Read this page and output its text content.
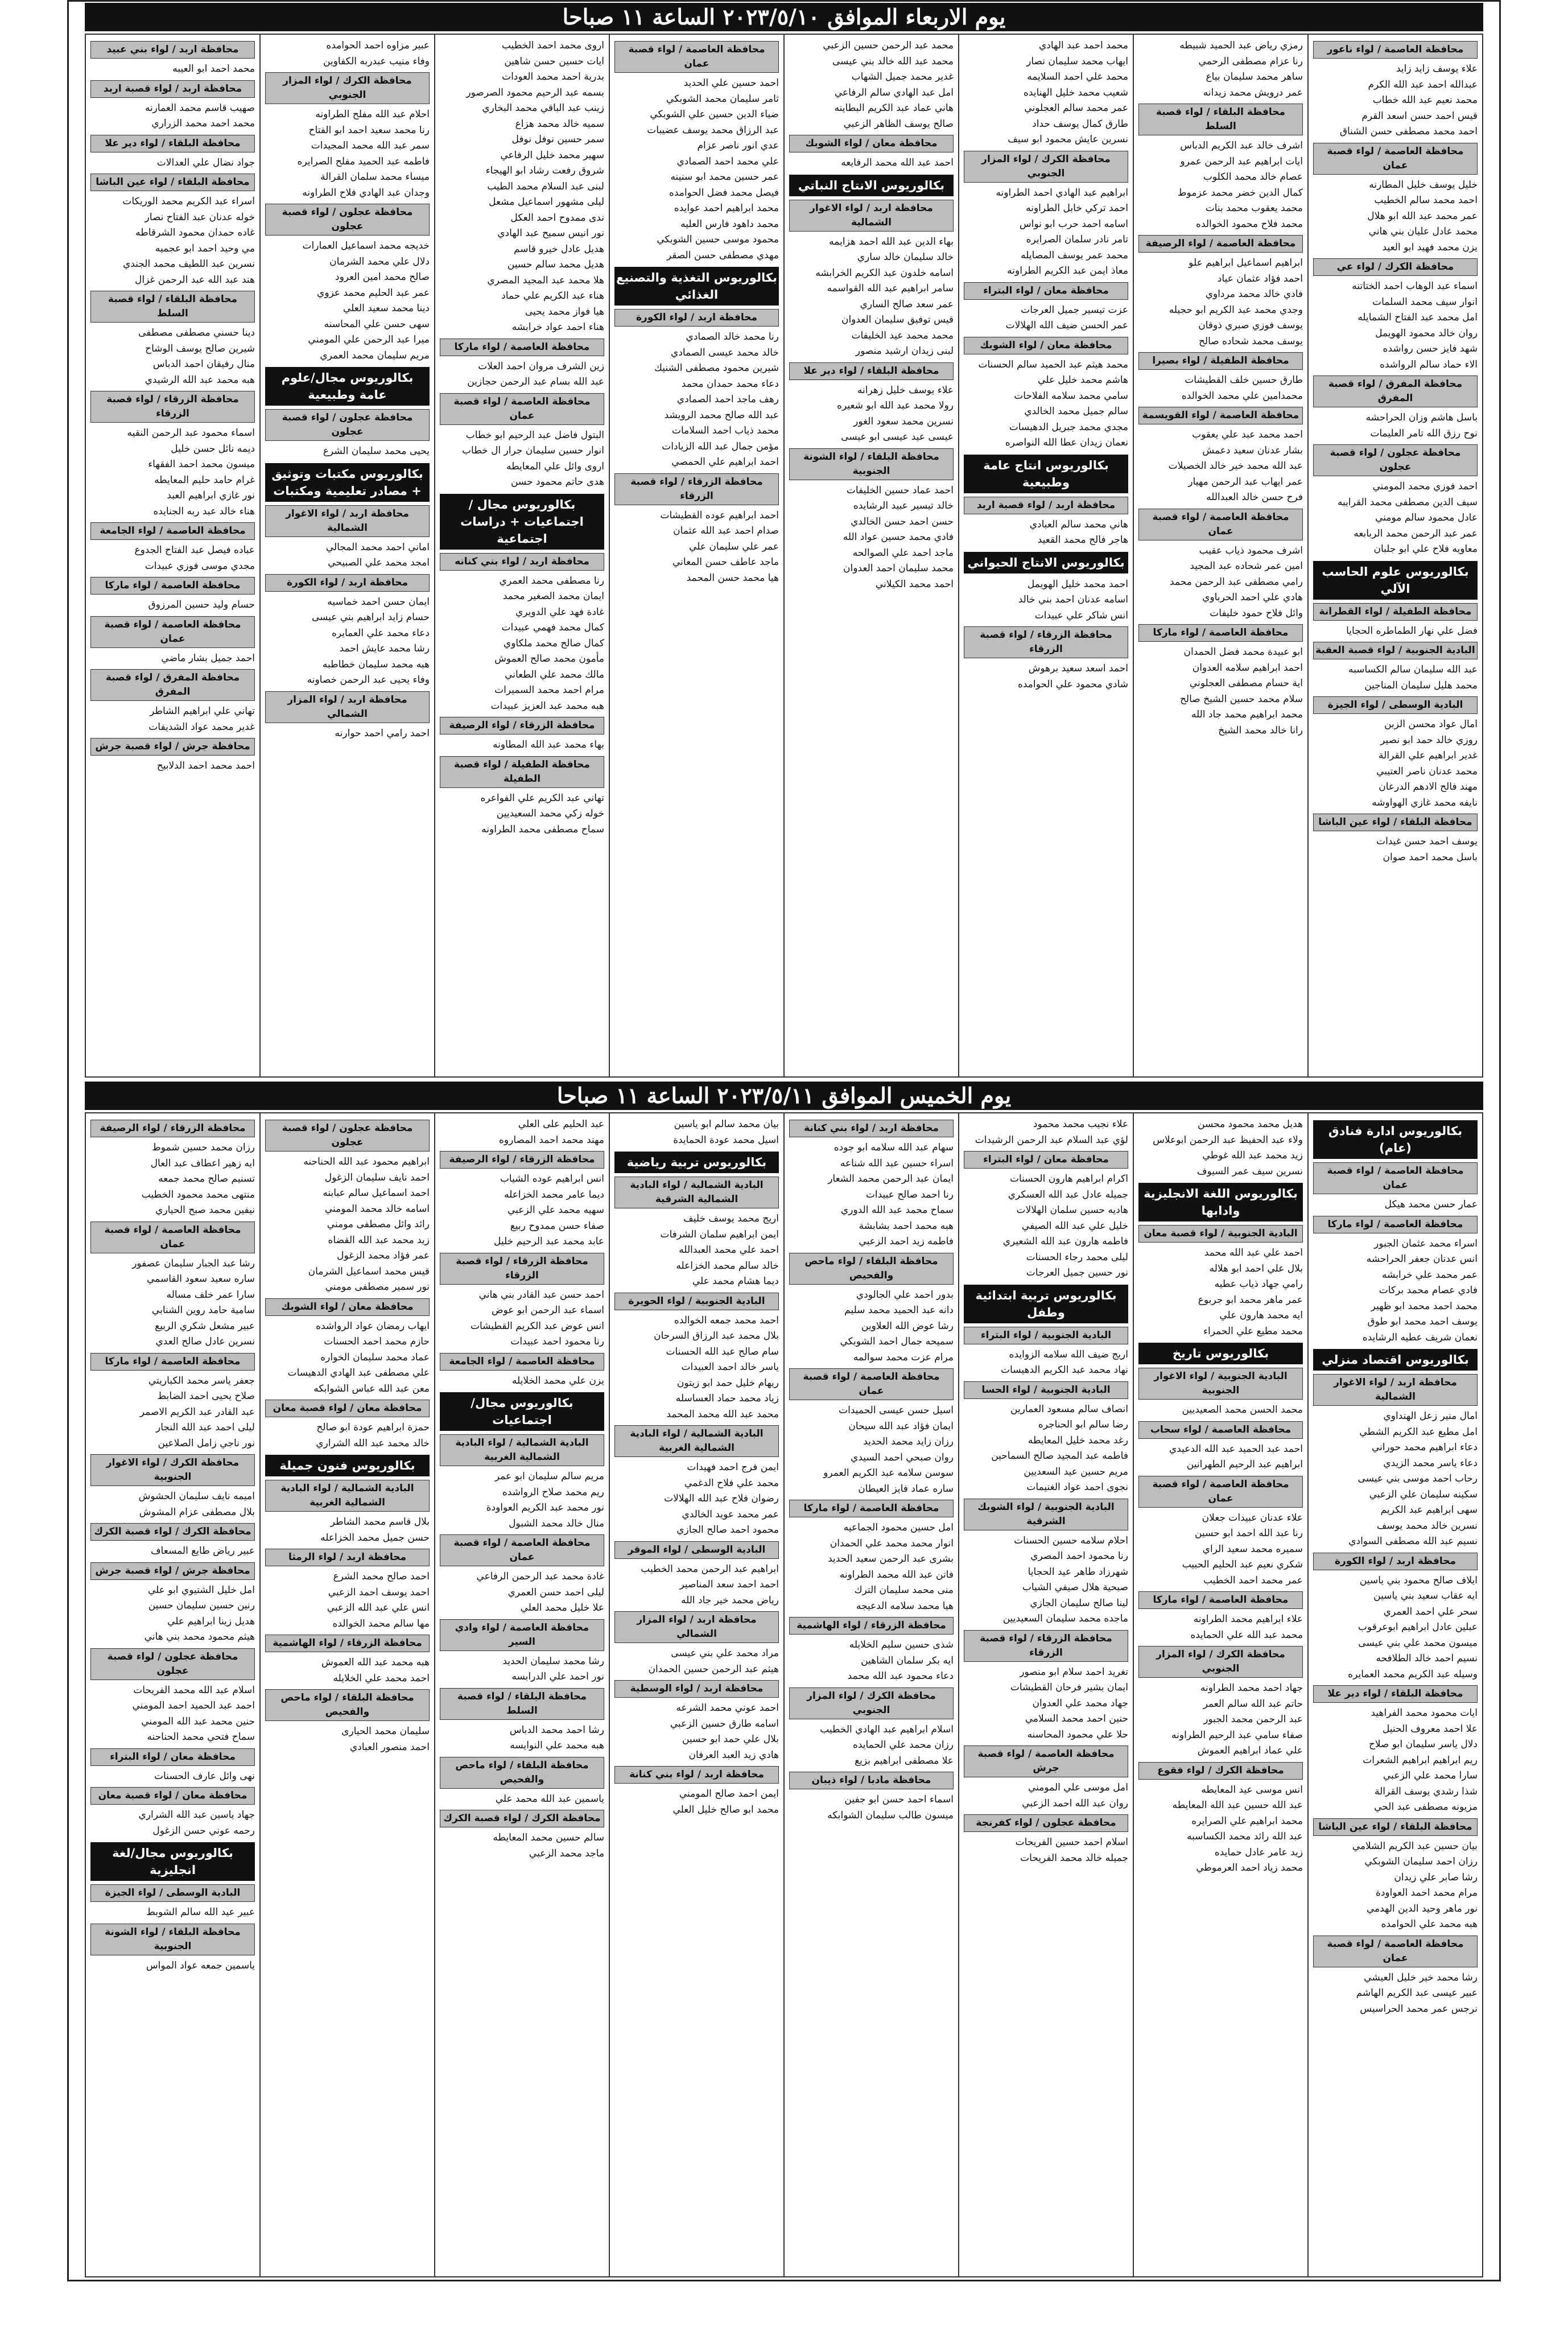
يوم الاربعاء الموافق ٢٠٢٣/٥/١٠ الساعة ١١ صباحا
محافظة العاصمة / لواء ناعور
علاء يوسف زايد زايد
عبدالله احمد عبد الله الكرم
محمد نعيم عبد الله خطاب
قيس احمد حسن اسعد القرم
احمد محمد مصطفى حسن الشناق
محافظة العاصمة / لواء قصبة عمان
خليل يوسف خليل المطارنه
احمد محمد سالم الخطيب
عمر محمد عبد الله ابو هلال
محمد عادل عليان بني هاني
يزن محمد فهيد ابو العيد
محافظة الكرك / لواء عي
اسماء عبد الوهاب احمد الختاتنه
انوار سيف محمد السلمات
امل محمد عبد الفتاح الشمايله
روان خالد محمود الهويمل
شهد فايز حسن رواشده
الاء حماد سالم الرواشده
محافظة المفرق / لواء قصبة المفرق
باسل هاشم وزان الحراحشه
نوح رزق الله تامر العليمات
محافظة عجلون / لواء قصبة عجلون
احمد فوزي محمد المومني
سيف الدين مصطفى محمد القرايبه
عادل محمود سالم مومني
عمر عبد الرحمن محمد الربابعه
معاويه فلاح علي ابو جلبان
بكالوريوس علوم الحاسب الآلي
محافظة الطفيلة / لواء القطرانة
فضل علي نهار الطماطره الحجايا
البادية الجنوبية / لواء قصبة العقبة
عبد الله سليمان سالم الكساسبه
محمد هليل سليمان المناجين
البادية الوسطى / لواء الجيزة
امال عواد محسن الزبن
روزي خالد حمد ابو نصير
غدير ابراهيم علي القرالة
محمد عدنان ناصر العتيبي
مهند فالح الادهم الدرعان
نايفه محمد غازي الهواوشه
محافظة البلقاء / لواء عين الباشا
يوسف احمد حسن غيدات
باسل محمد احمد صوان
رمزي رياض عبد الحميد شبيطه
رنا عزام مصطفى الرحمي
ساهر محمد سليمان بياع
عمر درويش محمد زيدانه
محافظة البلقاء / لواء قصبة السلط
اشرف خالد عبد الكريم الدباس
ايات ابراهيم عبد الرحمن عمرو
عصام خالد محمد الكلوب
كمال الدين خضر محمد عزموط
محمد يعقوب محمد بنات
محمد فلاح محمود الخوالده
محافظة العاصمة / لواء الرصيفة
ابراهيم اسماعيل ابراهيم علو
احمد فؤاد عثمان عياد
فادي خالد محمد مرداوي
وجدي محمد عبد الكريم ابو حجيله
يوسف فوزي صبري ذوقان
يوسف محمد شحاده صالح
محافظة الطفيلة / لواء بصيرا
طارق حسين خلف القطيشات
محمدامين علي محمد الخوالده
محافظة العاصمة / لواء القويسمة
احمد محمد عبد علي يعقوب
بشار عدنان سعيد دعمش
عبد الله محمد خير خالد الخصيلات
عمر ايهاب عبد الرحمن مهيار
فرح حسن خالد العبدالله
محافظة العاصمة / لواء قصبة عمان
اشرف محمود ذياب عقيب
امين عمر شحاده عبد المجيد
رامي مصطفى عبد الرحمن محمد
هادي علي احمد الحرباوي
وائل فلاح حمود خليفات
محافظة العاصمة / لواء ماركا
ابو عبيدة محمد فضل الحمدان
احمد ابراهيم سلامه العدوان
اية حسام مصطفى العجلوني
سلام محمد حسين الشيخ صالح
محمد ابراهيم محمد جاد الله
رانا خالد محمد الشيخ
محمد احمد عبد الهادي
ايهاب محمد سليمان نصار
محمد علي احمد السلايمه
شعيب محمد خليل الهنايده
عمر محمد سالم العجلوني
طارق كمال يوسف حداد
نسرين عايش محمود ابو سيف
محافظة الكرك / لواء المزار الجنوبي
ابراهيم عبد الهادي احمد الطراونه
احمد تركي خابل الطراونه
اسامه احمد حرب ابو نواس
تامر نادر سلمان الصرايره
محمد عمر يوسف المصايله
معاذ ايمن عبد الكريم الطراونه
محافظة معان / لواء البتراء
عزت تيسير جميل العرجات
عمر الحسن ضيف الله الهلالات
محافظة معان / لواء الشوبك
محمد هيثم عبد الحميد سالم الحسنات
هاشم محمد خليل علي
سامي محمد سلامه الفلاحات
سالم جميل محمد الخالدي
مجدي محمد جبريل الدهيسات
نعمان زيدان عطا الله النواصره
بكالوريوس انتاج عامة وطبيعية
محافظة اربد / لواء قصبة اربد
هاني محمد سالم العبادي
هاجر فالح محمد القعيد
بكالوريوس الانتاج الحيواني
احمد محمد خليل الهويمل
اسامه عدنان احمد بني خالد
انس شاكر علي عبيدات
محافظة الزرقاء / لواء قصبة الزرقاء
احمد اسعد سعيد برهوش
شادي محمود علي الحوامده
محمد عبد الرحمن حسين الزعبي
محمد عبد الله خالد بني عيسى
غدير محمد جميل الشهاب
امل عبد الهادي سالم الرفاعي
هاني عماد عبد الكريم البطاينه
صالح يوسف الظاهر الزعبي
محافظة معان / لواء الشوبك
احمد عبد الله محمد الرفايعه
بكالوريوس الانتاج النباتي
محافظة اربد / لواء الاغوار الشمالية
بهاء الدين عبد الله احمد هزايمه
خالد سليمان خالد ساري
اسامه خلدون عبد الكريم الخرابشه
سامر ابراهيم عبد الله القواسمه
عمر سعد صالح الساري
قيس توفيق سليمان العدوان
محمد محمد عيد الخليفات
لبنى زيدان ارشيد منصور
محافظة البلقاء / لواء دير علا
علاء يوسف خليل زهرانه
رولا محمد عبد الله ابو شعيره
نسرين محمد سعود الغور
عيسى عيد عيسى ابو عيسى
محافظة البلقاء / لواء الشونة الجنوبية
احمد عماد حسين الخليفات
خالد تيسير عبيد الرشايده
حسن احمد حسن الخالدي
فادي محمد حسين عواد الله
ماجد احمد علي الصوالحه
محمد سليمان احمد العدوان
احمد محمد الكيلاني
محافظة العاصمة / لواء قصبة عمان
احمد حسين علي الحديد
ثامر سليمان محمد الشوبكي
ضياء الدين حسين علي الشوبكي
عبد الرزاق محمد يوسف عضيبات
عدي انور ناصر عزام
علي محمد احمد الصمادي
عمر حسين محمد ابو سنينه
فيصل محمد فضل الحوامده
محمد ابراهيم احمد عوايده
محمد داهود فارس العليه
محمود موسى حسين الشوبكي
مهدي مصطفى حسن الصقر
بكالوريوس التغذية والتصنيع الغذائي
محافظة اربد / لواء الكورة
رنا محمد خالد الصمادي
خالد محمد عيسى الصمادي
شيرين محمود مصطفى الشنيك
دعاء محمد حمدان محمد
رهف ماجد احمد الصمادي
عبد الله صالح محمد الرويشد
محمد ذياب احمد السلامات
مؤمن جمال عبد الله الزيادات
احمد ابراهيم علي الحمصي
محافظة الزرقاء / لواء قصبة الزرقاء
احمد ابراهيم عوده القطيشات
صدام احمد عبد الله عثمان
عمر علي سليمان علي
ماجد عاطف حسن المعاني
هيا محمد حسن المحمد
اروى محمد احمد الخطيب
ايات حسين حسن شاهين
بدرية احمد محمد العودات
بسمه عبد الرحيم محمود الصرصور
زينب عبد الباقي محمد البخاري
سميه خالد محمد هزاع
سمر حسين نوفل نوفل
سهير محمد خليل الرفاعي
شروق رفعت رشاد ابو الهيجاء
لبنى عبد السلام محمد الطيب
ليلى مشهور اسماعيل مشعل
ندى ممدوح احمد العكل
نور انيس سميح عبد الهادي
هديل عادل خيرو قاسم
هديل محمد سالم حسين
هلا محمد عبد المجيد المصري
هناء عبد الكريم علي حماد
هيا فواز محمد يحيى
هناء احمد عواد خرابشه
محافظة العاصمة / لواء ماركا
زين الشرف مروان احمد العلات
عبد الله بسام عبد الرحمن حجازين
محافظة العاصمة / لواء قصبة عمان
البتول فاضل عبد الرحيم ابو خطاب
انوار حسين سليمان جرار ال خطاب
اروى وائل علي المعايطه
هدى حاتم محمود حسن
بكالوريوس مجال / اجتماعيات + دراسات اجتماعية
محافظة اربد / لواء بني كنانه
رنا مصطفى محمد العمري
ايمان محمد الصغير محمد
غادة فهد علي الدويري
كمال محمد فهمي عبيدات
كمال صالح محمد ملكاوي
مأمون محمد صالح العموش
مالك محمد علي الطعاني
مرام احمد محمد السميرات
هبه محمد عبد العزيز عبيدات
محافظة الزرقاء / لواء الرصيفة
بهاء محمد عبد الله المطاونه
محافظة الطفيلة / لواء قصبة الطفيلة
تهاني عبد الكريم علي الفواعره
خوله زكي محمد السعيديين
سماح مصطفى محمد الطراونه
عبير مزاوه احمد الحوامده
وفاء منيب عبدربه الكفاوين
محافظة الكرك / لواء المزار الجنوبي
احلام عبد الله مفلح الطراونه
رنا محمد سعيد احمد ابو الفتاح
سمر عبد الله محمد المجيدات
فاطمه عبد الحميد مفلح الصرايره
ميساء محمد سلمان القرالة
وجدان عبد الهادي فلاح الطراونه
محافظة عجلون / لواء قصبة عجلون
خديجه محمد اسماعيل العمارات
دلال علي محمد الشرمان
صالح محمد امين العرود
عمر عبد الحليم محمد عزوي
دينا محمد سعيد العلي
سهى حسن علي المحاسنه
ميرا عبد الرحمن علي المومني
مريم سليمان محمد العمري
بكالوريوس مجال/علوم عامة وطبيعية
محافظة عجلون / لواء قصبة عجلون
يحيى محمد سليمان الشرع
بكالوريوس مكتبات وتوثيق + مصادر تعليمية ومكتبات
محافظة اربد / لواء الاغوار الشمالية
اماني احمد محمد المجالي
امجد محمد علي الصبيحي
محافظة اربد / لواء الكورة
ايمان حسن احمد خماسيه
حسام زايد ابراهيم بني عيسى
دعاء محمد علي العمايره
رشا محمد عايش احمد
هبه محمد سليمان خطاطبه
وفاء يحيى عبد الرحمن خصاونه
محافظة اربد / لواء المزار الشمالي
احمد رامي احمد حوارنه
محافظة اربد / لواء بني عبيد
محمد احمد ابو العيبه
محافظة اربد / لواء قصبة اربد
صهيب قاسم محمد العمارنه
محمد احمد محمد الزراري
محافظة البلقاء / لواء دير علا
جواد نضال علي العدالات
محافظة البلقاء / لواء عين الباشا
اسراء عبد الكريم محمد الوريكات
خوله عدنان عبد الفتاح نصار
غاده حمدان محمود الشرقاطه
مي وحيد احمد ابو عجميه
نسرين عبد اللطيف محمد الجندي
هند عبد الله عبد الرحمن غزال
محافظة البلقاء / لواء قصبة السلط
دينا حسني مصطفى مصطفى
شيرين صالح يوسف الوشاح
منال رفيقان احمد الدباس
هبه محمد عبد الله الرشيدي
محافظة الزرقاء / لواء قصبة الزرقاء
اسماء محمود عبد الرحمن النقيه
ديمه نائل حسن خليل
ميسون محمد احمد الفقهاء
غرام حامد حليم المعايطه
نور غازي ابراهيم العبد
هناء خالد عبد ربه الجنايده
محافظة العاصمة / لواء الجامعة
عباده فيصل عبد الفتاح الجدوع
مجدي موسى فوزي عبيدات
محافظة العاصمة / لواء ماركا
حسام وليد حسين المرزوق
محافظة العاصمة / لواء قصبة عمان
احمد جميل بشار ماضي
محافظة المفرق / لواء قصبة المفرق
تهاني علي ابراهيم الشاطر
غدير محمد عواد الشديفات
محافظة جرش / لواء قصبة جرش
احمد محمد احمد الدلابيح
يوم الخميس الموافق ٢٠٢٣/٥/١١ الساعة ١١ صباحا
بكالوريوس ادارة فنادق (عام)
محافظة العاصمة / لواء قصبة عمان
عمار حسن محمد هيكل
محافظة العاصمة / لواء ماركا
اسراء محمد عثمان الجبور
انس عدنان جعفر الحراحشه
عمر محمد علي خرابشه
فادي عصام محمد بركات
محمد احمد محمد ابو ظهير
يوسف احمد محمد ابو طوق
نعمان شريف عطيه الرشايده
بكالوريوس اقتصاد منزلي
محافظة اربد / لواء الاغوار الشمالية
امال منير زعل الهنداوي
امل مطيع عبد الكريم الشطي
دعاء ابراهيم محمد حوراني
دعاء ياسر محمد الزيدي
رحاب احمد موسى بني عيسى
سكينه سليمان علي الزعبي
سهى ابراهيم عبد الكريم
نسرين خالد محمد يوسف
نسيم عبد الله مصطفى السوادي
محافظة اربد / لواء الكورة
ايلاف صالح محمود بني ياسين
ايه عقاب سعيد بني ياسين
سحر علي احمد العمري
عبلين عادل ابراهيم ابوعرقوب
ميسون محمد علي بني عيسى
نسيم احمد خالد الطلافحه
وسيله عبد الكريم محمد العمايره
محافظة البلقاء / لواء دير علا
ايات محمود محمد الفراهيد
علا احمد معروف الحنيل
دلال ياسر سليمان ابو صلاح
ريم ابراهيم ابراهيم الشعرات
سارا محمد علي الزعبي
شذا رشدي يوسف القرالة
مزيونه مصطفى عبد الحي
محافظة البلقاء / لواء عين الباشا
بيان حسين عبد الكريم الشلامي
رزان احمد سليمان الشوبكي
رشا صابر علي زيدان
مرام محمد احمد العواودة
نور ماهر وحيد الدين الهدمي
هبه محمد علي الحوامده
محافظة العاصمة / لواء قصبة عمان
رشا محمد خير خليل العيشي
عبير عيسى عبد الكريم الهاشم
نرجس عمر محمد الحراسيس
هديل محمد محمود محسن
ولاء عبد الحفيظ عبد الرحمن ابوعلاس
زيد محمد عبد الله غوطي
نسرين سيف عمر السيوف
بكالوريوس اللغة الانجليزية وادابها
البادية الجنوبية / لواء قصبة معان
احمد علي عبد الله محمد
بلال علي احمد ابو هلاله
رامي جهاد ذياب عطيه
عمر ماهر محمد ابو جربوع
ايه محمد هارون علي
محمد مطيع علي الحمراء
بكالوريوس تاريخ
البادية الجنوبية / لواء الاغوار الجنوبية
محمد الحسن محمد الصعيديين
محافظة العاصمة / لواء سحاب
احمد عبد الحميد عبد الله الدعيدي
ابراهيم عبد الرحيم الطهرانين
محافظة العاصمة / لواء قصبة عمان
علاء عدنان عبيدات جعلان
رنا عبد الله احمد ابو حسين
سميره محمد سعيد الراي
شكري نعيم عبد الحليم الحبيب
عمر محمد احمد الخطيب
محافظة العاصمة / لواء ماركا
علاء ابراهيم محمد الطراونه
محمد عبد الله علي الحمايده
محافظة الكرك / لواء المزار الجنوبي
جهاد احمد محمد الطراونه
حاتم عبد الله سالم العمر
عبد الرحمن محمد الجبور
صفاء سامي عبد الرحيم الطراونه
علي عماد ابراهيم العموش
محافظة الكرك / لواء فقوع
انس موسى عيد المعايطه
عبد الله حسين عبد الله المعايطه
محمد ابراهيم علي الصرايره
عبد الله رائد محمد الكساسبه
زيد عامر عادل حمايده
محمد زياد احمد العرموطي
علاء نجيب محمد محمود
لؤي عبد السلام عبد الرحمن الرشيدات
محافظة معان / لواء البتراء
اكرام ابراهيم هارون الحسنات
جميله عادل عبد الله العسكري
هاديه حسين سلمان الهلالات
خليل علي عبد الله الصيفي
فاطمه هارون عبد الله الشعيري
ليلى محمد رجاء الحسنات
نور حسين جميل العرجات
بكالوريوس تربية ابتدائية وطفل
البادية الجنوبية / لواء البتراء
اريج ضيف الله سلامه الزوايده
نهاد محمد عبد الكريم الدهيسات
البادية الجنوبية / لواء الحسا
انصاف سالم مسعود العمارين
رضا سالم ابو الحناجره
رغد محمد خليل المعايطه
فاطمه عبد المجيد صالح السماحين
مريم حسين عيد السعديين
نجوى احمد عواد الغنيمات
البادية الجنوبية / لواء الشوبك الشرقية
احلام سلامه حسين الحسنات
رنا محمود احمد المصري
شهرزاد طاهر عيد الحجايا
صبحية هلال صيفي الشياب
لينا صالح سليمان الجازي
ماجده محمد سليمان السعيديين
محافظة الزرقاء / لواء قصبة الزرقاء
تغريد احمد سلام ابو منصور
ايمان بشير فرحان القطيشات
جهاد محمد علي العدوان
حنين احمد محمد السلامي
حلا علي محمود المحاسنه
محافظة العاصمة / لواء قصبة جرش
امل موسى علي المومني
روان عبد الله احمد الزعبي
محافظة عجلون / لواء كفرنجة
اسلام احمد حسين الفريحات
جميله خالد محمد الفريحات
محافظة اربد / لواء بني كنانة
سهام عبد الله سلامه ابو جوده
اسراء حسين عبد الله شناعه
ايمان عبد الرحمن محمد الشعار
رنا احمد صالح عبيدات
سماح محمد عبد الله الدوري
هبه محمد احمد بشابشة
فاطمه زيد احمد الزعبي
محافظة البلقاء / لواء ماحص والفحيص
بدور احمد علي الجالودي
دانه عبد الحميد محمد سليم
رشا عوض الله العلاوين
سميحه جمال احمد الشوبكي
مرام عزت محمد سوالمه
محافظة العاصمة / لواء قصبة عمان
اسيل حسن عيسى الحميدات
ايمان فؤاد عبد الله سيحان
رزان زايد محمد الحديد
روان صبحي احمد السيدي
سوسن سلامه عبد الكريم العمرو
ساره عماد فايز العيطان
محافظة العاصمة / لواء ماركا
امل حسين محمود الجماعيه
انوار محمد محمد علي الحمدان
بشرى عبد الرحمن سعيد الحديد
فاتن عبد الله محمد الطراونه
منى محمد سليمان الترك
هيا محمد سلامه الدعيجه
محافظة الزرقاء / لواء الهاشمية
شذى حسين سليم الخلايله
ايه بكر سلمان الشاهين
دعاء محمود عبد الله محمد
محافظة الكرك / لواء المزار الجنوبي
اسلام ابراهيم عبد الهادي الخطيب
رزان محمد علي الحمايده
علا مصطفى ابراهيم بزيع
محافظة مادبا / لواء ذيبان
اسماء احمد حسن ابو جفين
ميسون طالب سليمان الشوابكه
بيان محمد سالم ابو ياسين
اسيل محمد عودة الحمايدة
بكالوريوس تربية رياضية
البادية الشمالية / لواء البادية الشمالية الشرقية
اريج محمد يوسف خليف
ايمن ابراهيم سلمان الشرفات
احمد علي محمد العبدالله
خالد سالم محمد الخزاعله
ديما هشام محمد علي
البادية الجنوبية / لواء الحويرة
احمد محمد جمعه الخوالده
بلال محمد عبد الرزاق السرحان
سام صالح عبد الله الحسنات
ياسر خالد احمد العبيدات
ريهام خليل حمد ابو زيتون
زياد محمد حماد العساسله
محمد عبد الله محمد المحمد
البادية الشمالية / لواء البادية الشمالية الغربية
ايمن فرج احمد فهيدات
محمد علي فلاح الدغمي
رضوان فلاح عبد الله الهلالات
عمر محمد عويد الخالدي
محمود احمد صالح الجازي
البادية الوسطى / لواء الموقر
ابراهيم عبد الرحمن محمد الخطيب
احمد احمد سعد المناصير
رياض محمد خير جاد الله
محافظة اربد / لواء المزار الشمالي
مراد محمد علي بني عيسى
هيثم عبد الرحمن حسين الحمدان
محافظة اربد / لواء الوسطية
احمد عوني محمد الشرعه
اسامه طارق حسين الزعبي
بلال علي حمد ابو حسين
هادي زيد العبد العرفان
محافظة اربد / لواء بني كنانة
ايمن احمد صالح المومني
محمد ابو صالح خليل العلي
عبد الحليم على العلي
مهند محمد احمد المصاروه
محافظة الزرقاء / لواء الرصيفة
انس ابراهيم عوده الشياب
ديما عامر محمد الخزاعله
سهيه محمد علي الزعبي
صفاء حسن ممدوح ربيع
عابد محمد عبد الرحيم خليل
محافظة الزرقاء / لواء قصبة الزرقاء
احمد حسن عبد القادر بني هاني
اسماء عبد الرحمن ابو عوض
انس عوض عبد الكريم القطيشات
رنا محمود احمد عبيدات
محافظة العاصمة / لواء الجامعة
يزن علي محمد الخلايله
بكالوريوس مجال/اجتماعيات
البادية الشمالية / لواء البادية الشمالية الغربية
مريم سالم سليمان ابو عمر
ريم محمد صلاح الرواشده
نور محمد عبد الكريم العواودة
منال خالد محمد الشبول
محافظة العاصمة / لواء قصبة عمان
غادة محمد عبد الرحمن الرفاعي
ليلى احمد حسن العمري
علا خليل محمد العلي
محافظة العاصمة / لواء وادي السير
رشا محمد سليمان الحديد
نور احمد علي الدرابسه
محافظة البلقاء / لواء قصبة السلط
رشا احمد محمد الدباس
هبه محمد علي النوايسه
محافظة البلقاء / لواء ماحص والفحيص
ياسمين عبد الله محمد علي
محافظة الكرك / لواء قصبة الكرك
سالم حسين محمد المعايطه
ماجد محمد الزعبي
محافظة عجلون / لواء قصبة عجلون
ابراهيم محمود عبد الله الحناحنه
احمد نايف سليمان الزغول
احمد اسماعيل سالم عبابنه
اسامه خالد محمد المومني
رائد وائل مصطفى مومني
زيد محمد عبد الله القضاه
عمر فؤاد محمد الزغول
قيس محمد اسماعيل الشرمان
نور سمير مصطفى مومني
محافظة معان / لواء الشوبك
ايهاب رمضان عواد الرواشده
حازم محمد احمد الحسنات
عماد محمد سليمان الخواره
علي مصطفى عبد الهادي الدهيسات
معن عبد الله عباس الشوابكه
محافظة معان / لواء قصبة معان
حمزة ابراهيم عودة ابو صالح
خالد محمد عبد الله الشراري
بكالوريوس فنون جميلة
البادية الشمالية / لواء البادية الشمالية الغربية
بلال قاسم محمد الشاطر
حسن جميل محمد الخزاعله
محافظة اربد / لواء الرمثا
احمد صالح محمد الشرع
احمد يوسف احمد الزعبي
انس علي عبد الله الزعبي
مها سالم محمد الخوالده
محافظة الزرقاء / لواء الهاشمية
هبه محمد عبد الله العموش
احمد محمد علي الخلايله
محافظة البلقاء / لواء ماحص والفحيص
سليمان محمد الحيارى
احمد منصور العبادي
محافظة الزرقاء / لواء الرصيفة
رزان محمد حسين شموط
ايه زهير اعطاف عبد العال
تسنيم صالح محمد جمعه
منتهى محمد محمود الخطيب
نيفين محمد صبح الحياري
محافظة العاصمة / لواء قصبة عمان
رشا عبد الجبار سليمان عصفور
ساره سعيد سعود القاسمي
سارا عمر خلف مساله
سامية حامد روين الشنابي
عبير مشعل شكري الربيع
نسرين عادل صالح العدي
محافظة العاصمة / لواء ماركا
جعفر ياسر محمد الكباريتي
صلاح يحيى احمد الضابط
عبد القادر عبد الكريم الاصمر
ليلى احمد عبد الله النجار
نور ناجي زامل الصلاعين
محافظة الكرك / لواء الاغوار الجنوبية
اميمه نايف سليمان الحشوش
بلال مصطفى عزام المشوش
محافظة الكرك / لواء قصبة الكرك
عبير رياض طايع المسعاف
محافظة جرش / لواء قصبة جرش
امل خليل الشتيوي ابو علي
رنين حسين سليمان حسين
هديل زينا ابراهيم علي
هيثم محمود محمد بني هاني
محافظة عجلون / لواء قصبة عجلون
اسلام عبد الله محمد الفريحات
احمد عبد الحميد احمد المومني
حنين محمد عبد الله المومني
سماح فتحي محمد الحناحنه
محافظة معان / لواء البتراء
نهى وائل عارف الحسنات
محافظة معان / لواء قصبة معان
جهاد ياسين عبد الله الشراري
رحمه عوني حسن الزغول
بكالوريوس مجال/لغة انجليزية
البادية الوسطى / لواء الجيزة
عبير عيد الله سالم الشوبط
محافظة البلقاء / لواء الشونة الجنوبية
ياسمين جمعه عواد المواس
